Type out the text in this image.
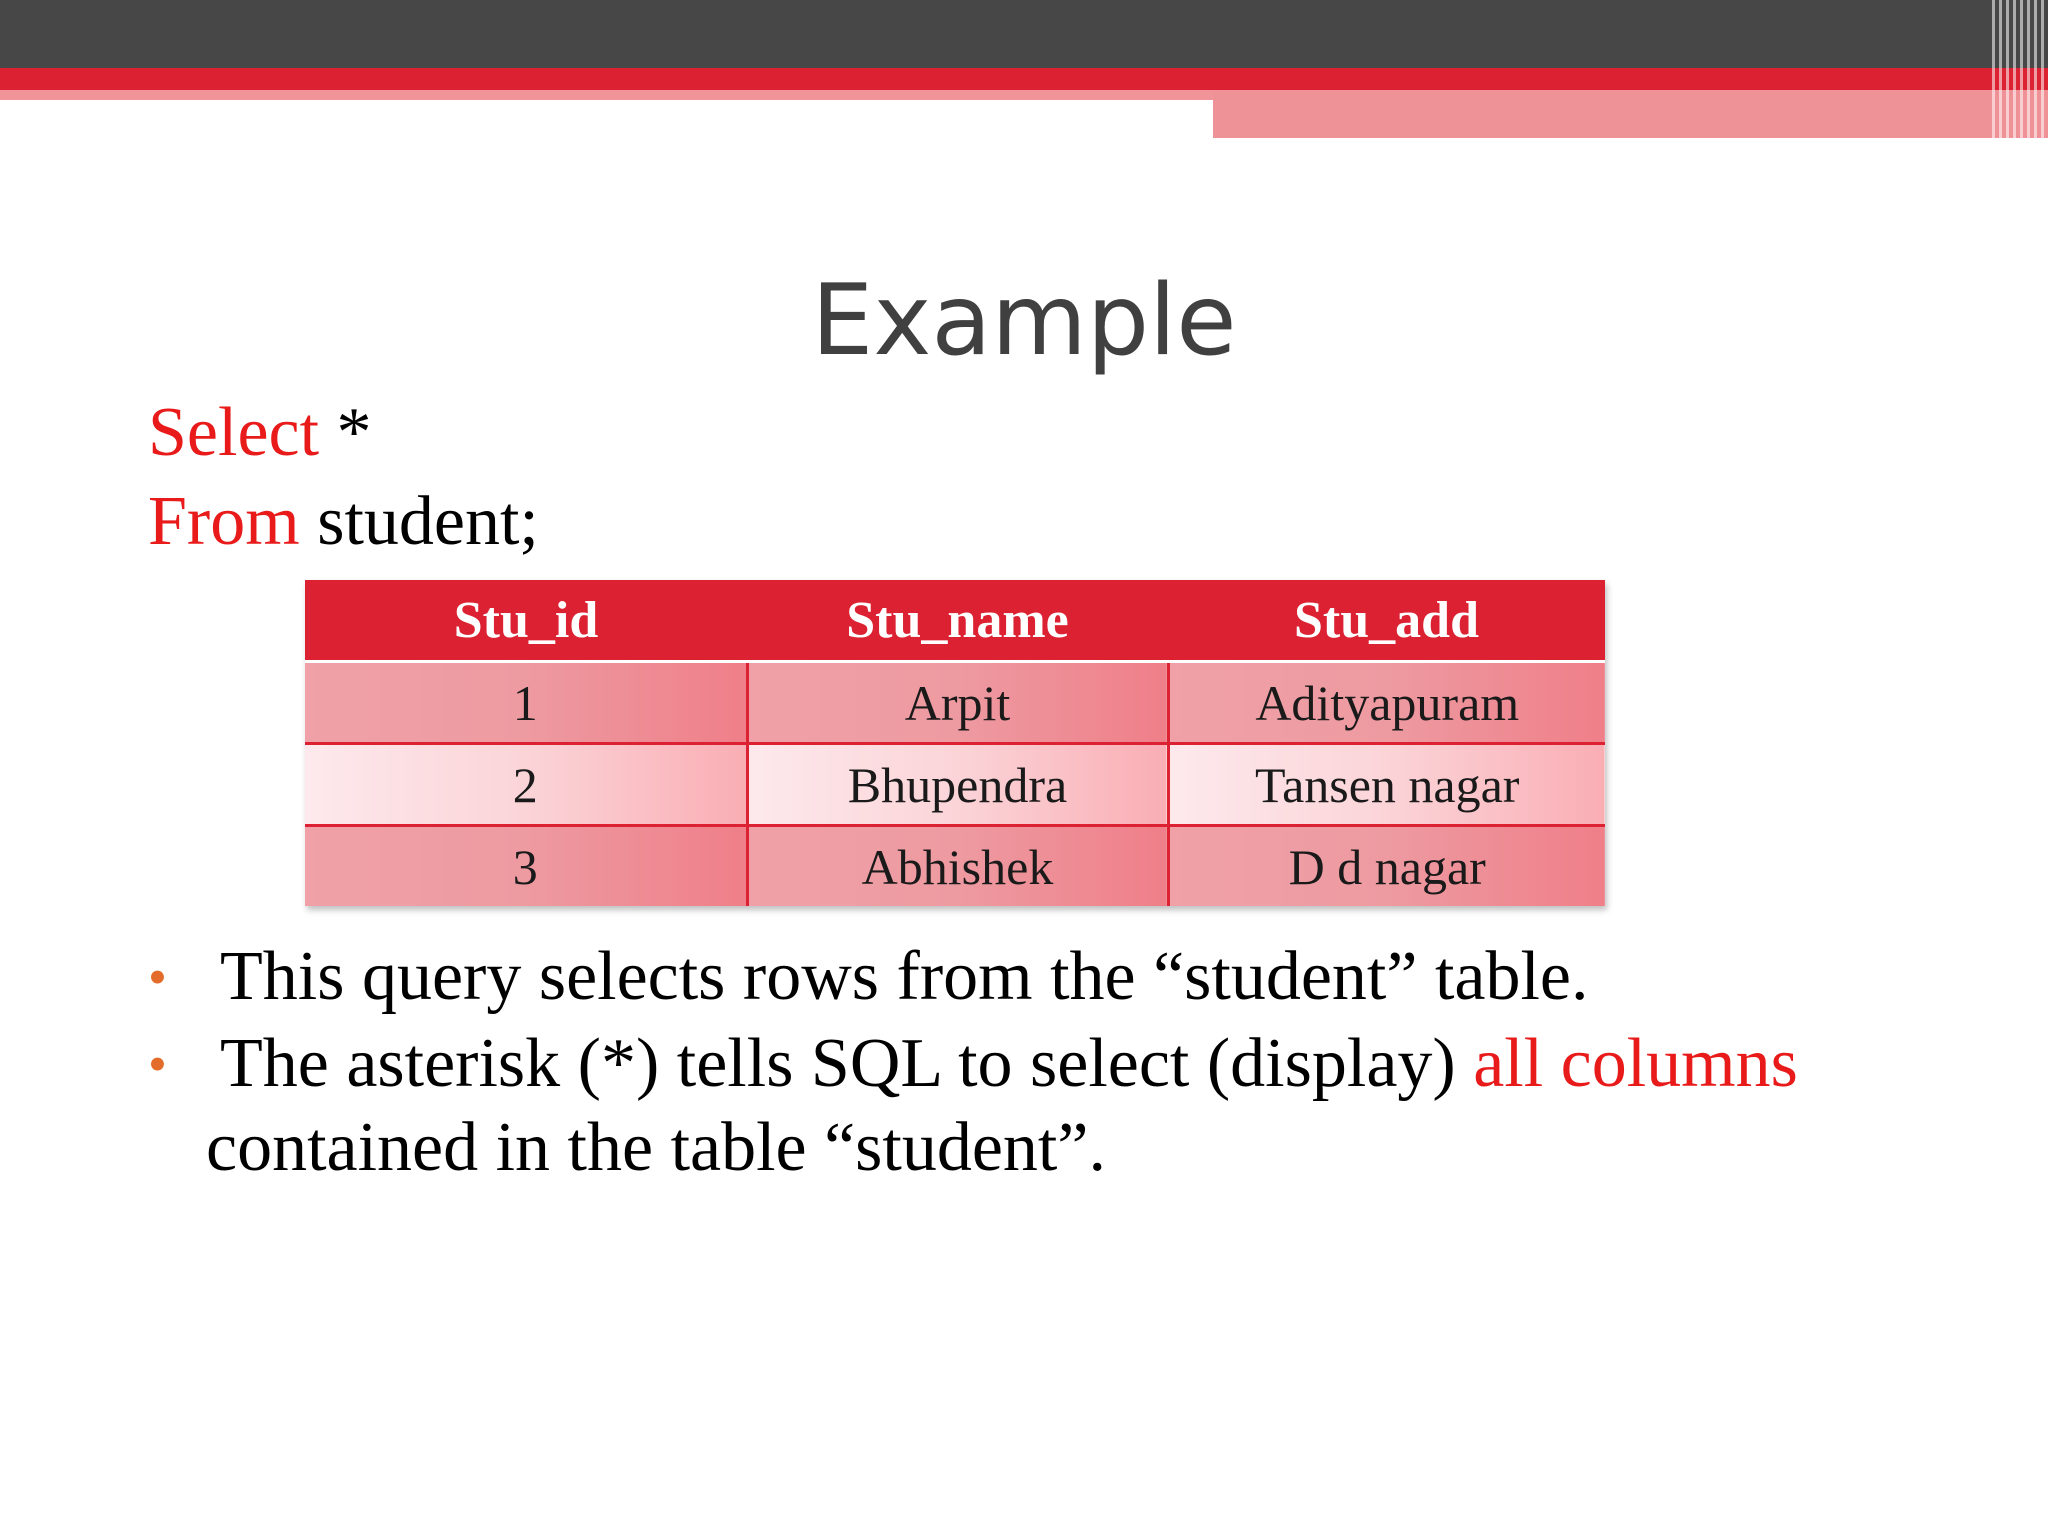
Example
Select *
From student;
Stu_id	Stu_name	Stu_add
1	Arpit	Adityapuram
2	Bhupendra	Tansen nagar
3	Abhishek	D d nagar
• This query selects rows from the “student” table.
• The asterisk (*) tells SQL to select (display) all columns
contained in the table “student”.
